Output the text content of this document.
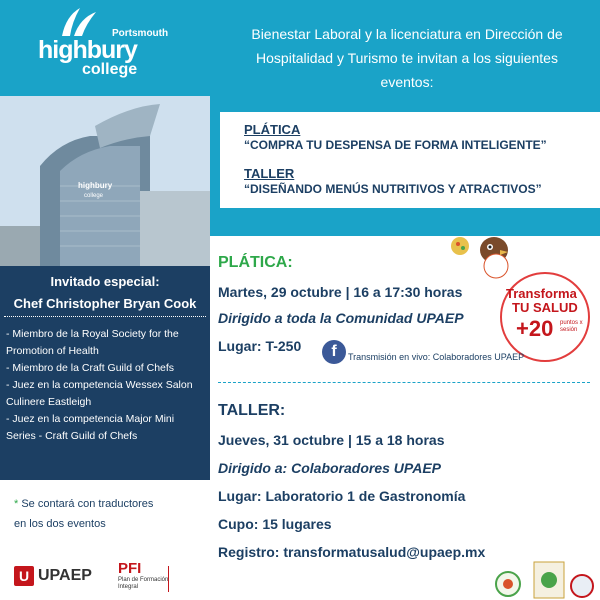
Portsmouth
highbury
college
highbury
college
Invitado especial:
Chef Christopher Bryan Cook
- Miembro de la Royal Society for the
Promotion of Health
- Miembro de la Craft Guild of Chefs
- Juez en la competencia Wessex Salon
Culinere Eastleigh
- Juez en la competencia Major Mini
Series - Craft Guild of Chefs
* Se contará con traductores
en los dos eventos
U UPAEP PFI
Plan de Formación
Integral
Bienestar Laboral y la licenciatura en Dirección de
Hospitalidad y Turismo te invitan a los siguientes
eventos:
PLÁTICA
“COMPRA TU DESPENSA DE FORMA INTELIGENTE”
TALLER
“DISEÑANDO MENÚS NUTRITIVOS Y ATRACTIVOS”
Transforma
TU SALUD
+20 puntos x sesión
PLÁTICA:
Martes, 29 octubre | 16 a 17:30 horas
Dirigido a toda la Comunidad UPAEP
Lugar: T-250	f	Transmisión en vivo: Colaboradores UPAEP
TALLER:
Jueves, 31 octubre | 15 a 18 horas
Dirigido a: Colaboradores UPAEP
Lugar: Laboratorio 1 de Gastronomía
Cupo: 15 lugares
Registro: transformatusalud@upaep.mx
